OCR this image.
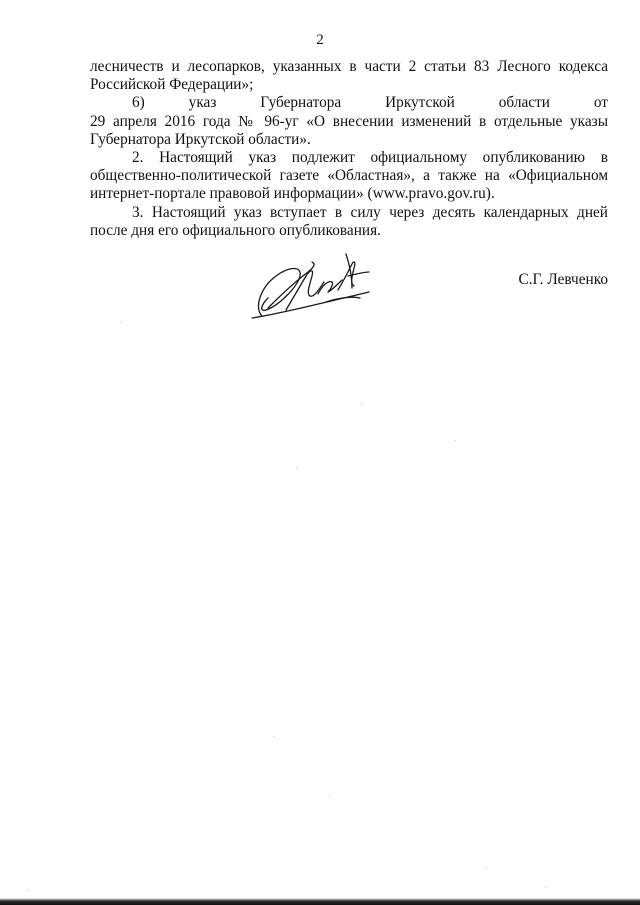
2

лесничеств и лесопарков, указанных в части 2 статьи 83 Лесного кодекса
Российской Федерации»;

6) указ Губернатора Иркутской области от
29 апреля 2016 года № 96-уг «О внесении изменений в отдельные указы
Губернатора Иркутской области».

2. Настоящий указ подлежит официальному опубликованию в
общественно-политической газете «Областная», а также на «Официальном
интернет-портале правовой информации» (www.pravo.gov.ru).

3. Настоящий указ вступает в силу через десять календарных дней
после дня его официального опубликования.

С.Г. Левченко
